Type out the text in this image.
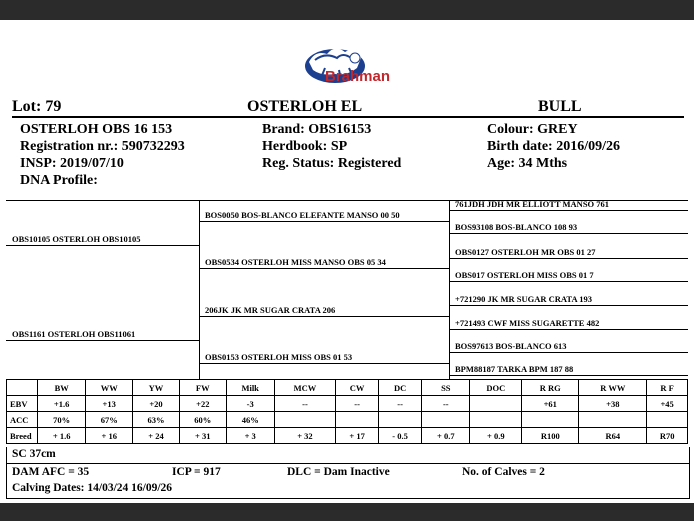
Brahman
Lot: 79	OSTERLOH EL	BULL
OSTERLOH OBS 16 153
Registration nr.: 590732293
INSP: 2019/07/10
DNA Profile:
Brand: OBS16153
Herdbook: SP
Reg. Status: Registered
Colour: GREY
Birth date: 2016/09/26
Age: 34 Mths
761JDH JDH MR ELLIOTT MANSO 761
BOS93108 BOS-BLANCO 108 93
OBS0127 OSTERLOH MR OBS 01 27
OBS017 OSTERLOH MISS OBS 01 7
+721290 JK MR SUGAR CRATA 193
+721493 CWF MISS SUGARETTE 482
BOS97613 BOS-BLANCO 613
BPM88187 TARKA BPM 187 88
BOS0050 BOS-BLANCO ELEFANTE MANSO 00 50
OBS0534 OSTERLOH MISS MANSO OBS 05 34
206JK JK MR SUGAR CRATA 206
OBS0153 OSTERLOH MISS OBS 01 53
OBS10105 OSTERLOH OBS10105
OBS1161 OSTERLOH OBS11061
	BW	WW	YW	FW	Milk	MCW	CW	DC	SS	DOC	R RG	R WW	R F
EBV	+1.6	+13	+20	+22	-3	--	--	--	--		+61	+38	+45
ACC	70%	67%	63%	60%	46%								
Breed	+ 1.6	+ 16	+ 24	+ 31	+ 3	+ 32	+ 17	- 0.5	+ 0.7	+ 0.9	R100	R64	R70
SC 37cm
DAM AFC = 35	ICP = 917	DLC = Dam Inactive	No. of Calves = 2
Calving Dates: 14/03/24 16/09/26
